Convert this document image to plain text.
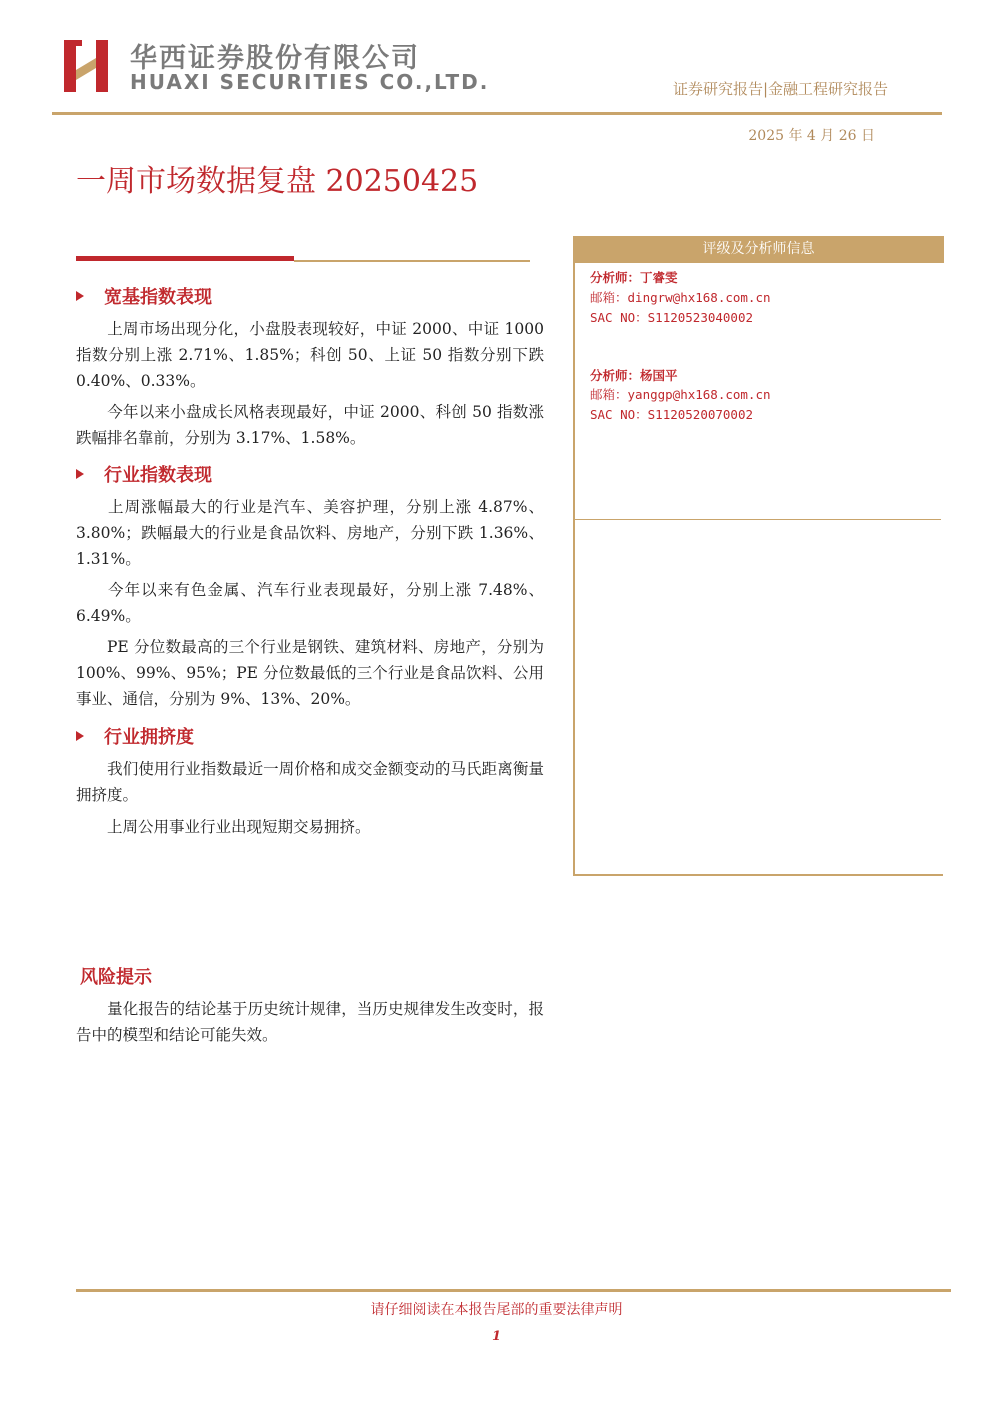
华西证券股份有限公司
HUAXI SECURITIES CO.,LTD.	证券研究报告|金融工程研究报告
2025 年 4 月 26 日
一周市场数据复盘 20250425
宽基指数表现
上周市场出现分化，小盘股表现较好，中证 2000、中证 1000 指数分别上涨 2.71%、1.85%；科创 50、上证 50 指数分别下跌 0.40%、0.33%。
今年以来小盘成长风格表现最好，中证 2000、科创 50 指数涨跌幅排名靠前，分别为 3.17%、1.58%。
行业指数表现
上周涨幅最大的行业是汽车、美容护理，分别上涨 4.87%、3.80%；跌幅最大的行业是食品饮料、房地产，分别下跌 1.36%、1.31%。
今年以来有色金属、汽车行业表现最好，分别上涨 7.48%、6.49%。
PE 分位数最高的三个行业是钢铁、建筑材料、房地产，分别为 100%、99%、95%；PE 分位数最低的三个行业是食品饮料、公用事业、通信，分别为 9%、13%、20%。
行业拥挤度
我们使用行业指数最近一周价格和成交金额变动的马氏距离衡量拥挤度。
上周公用事业行业出现短期交易拥挤。
风险提示
量化报告的结论基于历史统计规律，当历史规律发生改变时，报告中的模型和结论可能失效。
评级及分析师信息
分析师：丁睿雯
邮箱：dingrw@hx168.com.cn
SAC NO：S1120523040002
分析师：杨国平
邮箱：yanggp@hx168.com.cn
SAC NO：S1120520070002
请仔细阅读在本报告尾部的重要法律声明
1
